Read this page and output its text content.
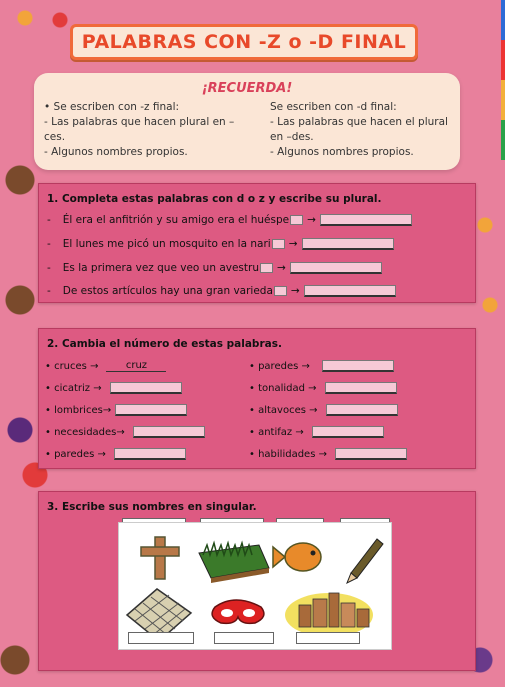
PALABRAS CON -Z o -D FINAL
¡RECUERDA!
• Se escriben con -z final:
- Las palabras que hacen plural en –ces.
- Algunos nombres propios.
Se escriben con -d final:
- Las palabras que hacen el plural
en –des.
- Algunos nombres propios.
1. Completa estas palabras con d o z y escribe su plural.
- Él era el anfitrión y su amigo era el huéspe →
- El lunes me picó un mosquito en la nari →
- Es la primera vez que veo un avestru →
- De estos artículos hay una gran varieda →
2. Cambia el número de estas palabras.
• cruces →	cruz
• cicatriz →
• lombrices→
• necesidades→
• paredes →
• paredes →
• tonalidad →
• altavoces →
• antifaz →
• habilidades →
3. Escribe sus nombres en singular.
